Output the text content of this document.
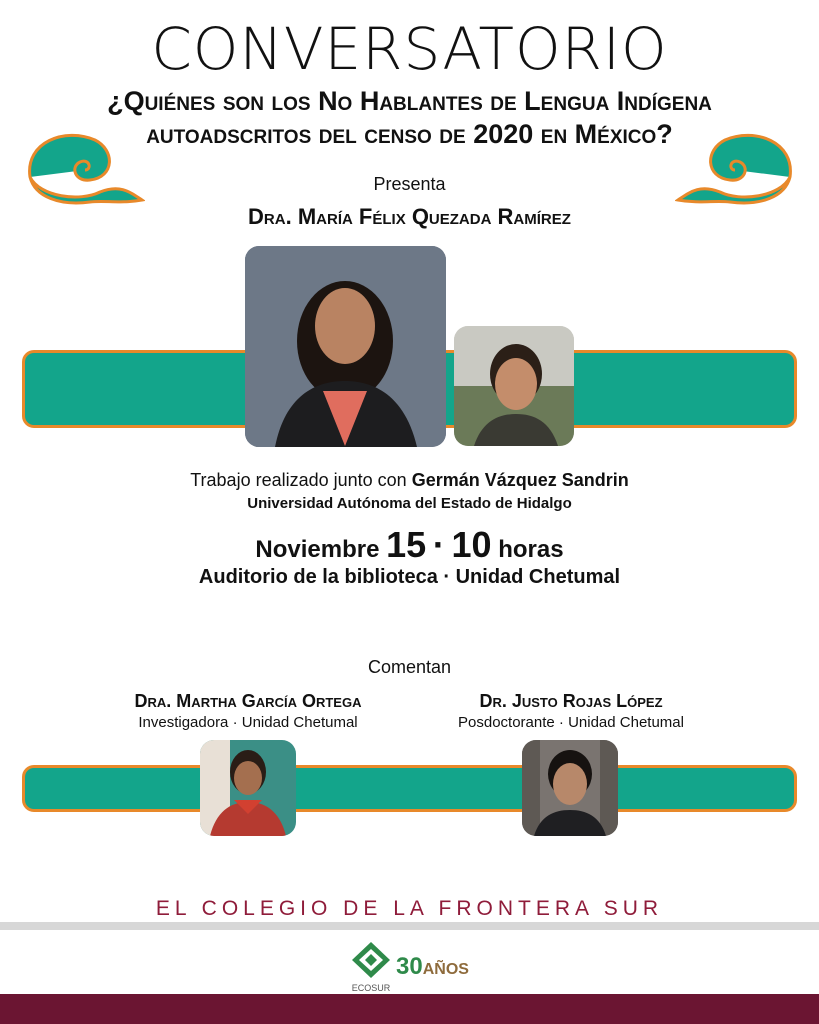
CONVERSATORIO
¿Quiénes son los No Hablantes de Lengua Indígena
autoadscritos del censo de 2020 en México?
Presenta
Dra. María Félix Quezada Ramírez
Trabajo realizado junto con Germán Vázquez Sandrin
Universidad Autónoma del Estado de Hidalgo
Noviembre 15 · 10 horas
Auditorio de la biblioteca · Unidad Chetumal
Comentan
Dra. Martha García Ortega
Investigadora · Unidad Chetumal
Dr. Justo Rojas López
Posdoctorante · Unidad Chetumal
EL COLEGIO DE LA FRONTERA SUR
ECOSUR
30AÑOS
